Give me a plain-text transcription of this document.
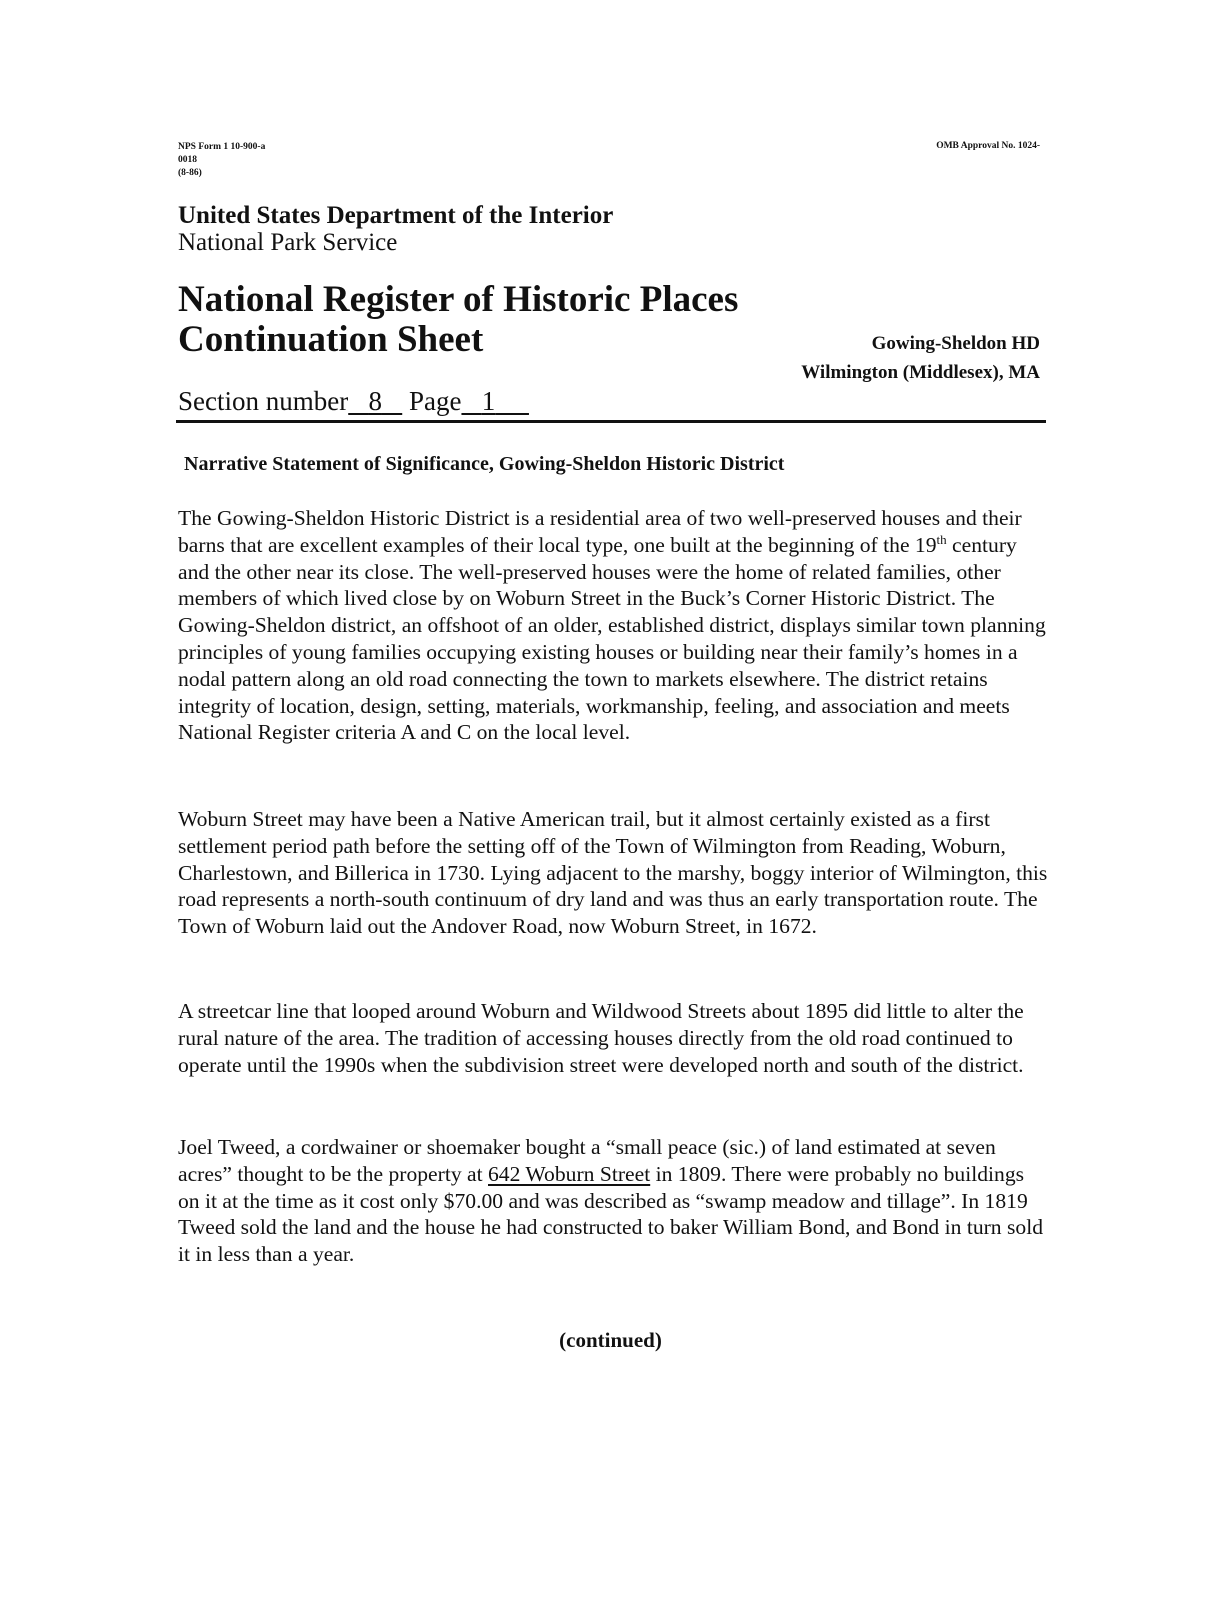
NPS Form 1 10-900-a
0018
(8-86)
OMB Approval No. 1024-
United States Department of the Interior
National Park Service
National Register of Historic Places
Continuation Sheet	Gowing-Sheldon HD
Wilmington (Middlesex), MA
Section number 8 Page 1
Narrative Statement of Significance, Gowing-Sheldon Historic District

The Gowing-Sheldon Historic District is a residential area of two well-preserved houses and their barns that are excellent examples of their local type, one built at the beginning of the 19th century and the other near its close. The well-preserved houses were the home of related families, other members of which lived close by on Woburn Street in the Buck’s Corner Historic District. The Gowing-Sheldon district, an offshoot of an older, established district, displays similar town planning principles of young families occupying existing houses or building near their family’s homes in a nodal pattern along an old road connecting the town to markets elsewhere. The district retains integrity of location, design, setting, materials, workmanship, feeling, and association and meets National Register criteria A and C on the local level.

Woburn Street may have been a Native American trail, but it almost certainly existed as a first settlement period path before the setting off of the Town of Wilmington from Reading, Woburn, Charlestown, and Billerica in 1730. Lying adjacent to the marshy, boggy interior of Wilmington, this road represents a north-south continuum of dry land and was thus an early transportation route. The Town of Woburn laid out the Andover Road, now Woburn Street, in 1672.

A streetcar line that looped around Woburn and Wildwood Streets about 1895 did little to alter the rural nature of the area. The tradition of accessing houses directly from the old road continued to operate until the 1990s when the subdivision street were developed north and south of the district.

Joel Tweed, a cordwainer or shoemaker bought a “small peace (sic.) of land estimated at seven acres” thought to be the property at 642 Woburn Street in 1809. There were probably no buildings on it at the time as it cost only $70.00 and was described as “swamp meadow and tillage”. In 1819 Tweed sold the land and the house he had constructed to baker William Bond, and Bond in turn sold it in less than a year.

(continued)
